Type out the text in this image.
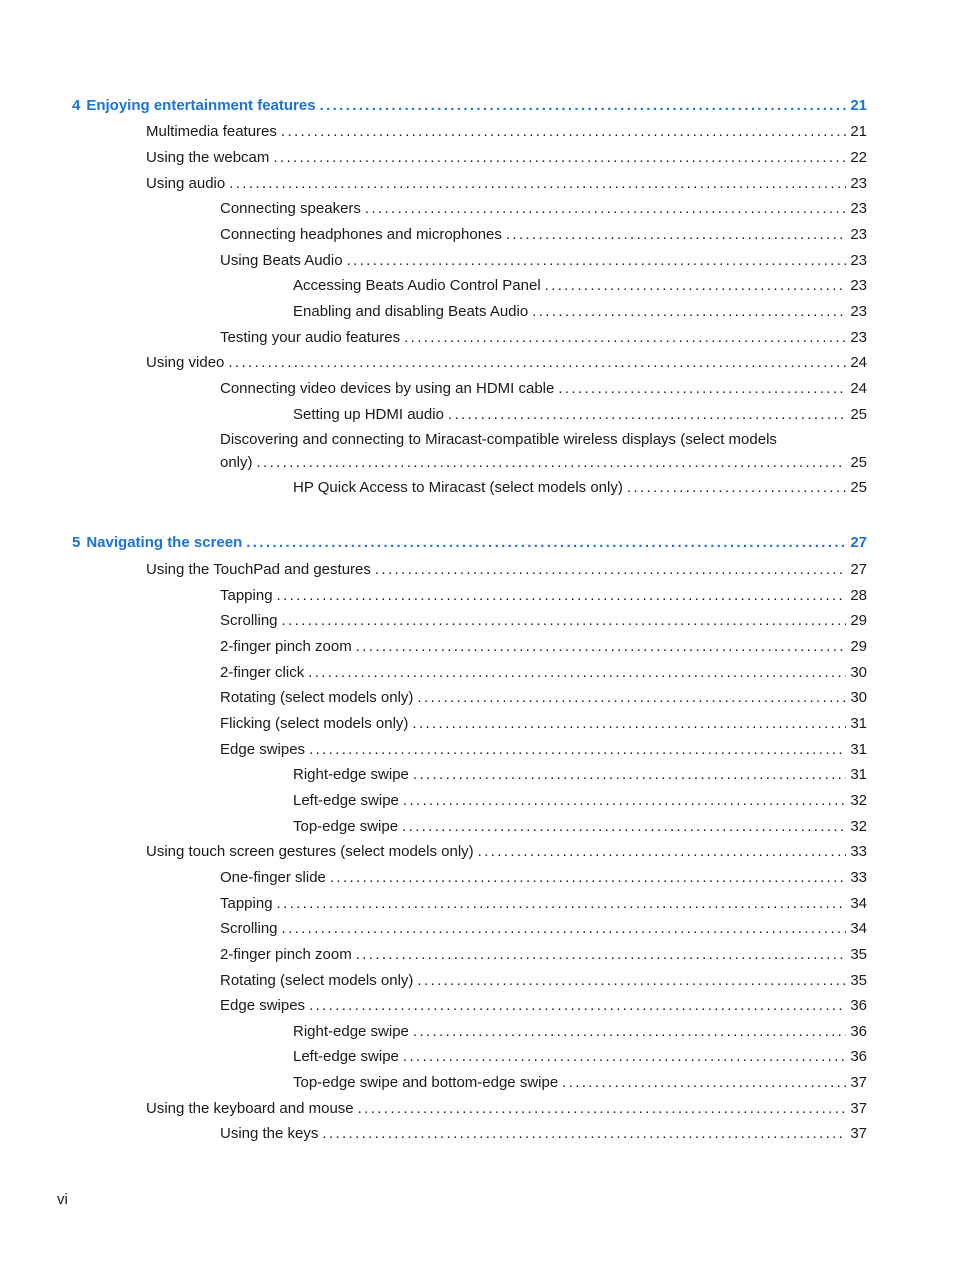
4 Enjoying entertainment features . . .	21
Multimedia features . . .	21
Using the webcam . . .	22
Using audio . . .	23
Connecting speakers . . .	23
Connecting headphones and microphones . . .	23
Using Beats Audio . . .	23
Accessing Beats Audio Control Panel . . .	23
Enabling and disabling Beats Audio . . .	23
Testing your audio features . . .	23
Using video . . .	24
Connecting video devices by using an HDMI cable . . .	24
Setting up HDMI audio . . .	25
Discovering and connecting to Miracast-compatible wireless displays (select models
only) . . .	25
HP Quick Access to Miracast (select models only) . . .	25
5 Navigating the screen . . .	27
Using the TouchPad and gestures . . .	27
Tapping . . .	28
Scrolling . . .	29
2-finger pinch zoom . . .	29
2-finger click . . .	30
Rotating (select models only) . . .	30
Flicking (select models only) . . .	31
Edge swipes . . .	31
Right-edge swipe . . .	31
Left-edge swipe . . .	32
Top-edge swipe . . .	32
Using touch screen gestures (select models only) . . .	33
One-finger slide . . .	33
Tapping . . .	34
Scrolling . . .	34
2-finger pinch zoom . . .	35
Rotating (select models only) . . .	35
Edge swipes . . .	36
Right-edge swipe . . .	36
Left-edge swipe . . .	36
Top-edge swipe and bottom-edge swipe . . .	37
Using the keyboard and mouse . . .	37
Using the keys . . .	37
vi
